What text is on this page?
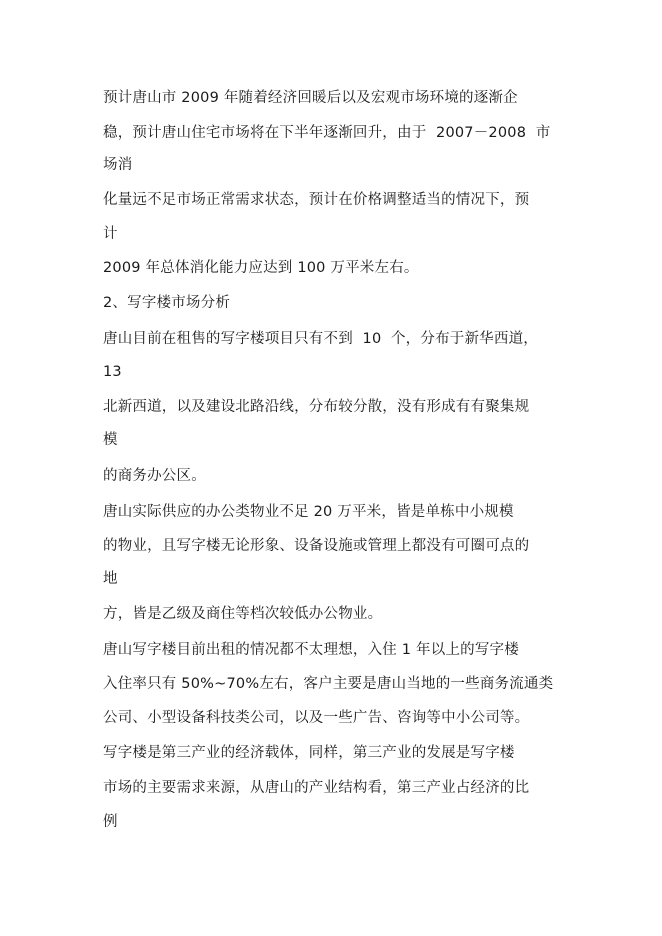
预计唐山市 2009 年随着经济回暖后以及宏观市场环境的逐渐企
稳，预计唐山住宅市场将在下半年逐渐回升，由于  2007－2008  市
场消
化量远不足市场正常需求状态，预计在价格调整适当的情况下，预
计
2009 年总体消化能力应达到 100 万平米左右。
2、写字楼市场分析
唐山目前在租售的写字楼项目只有不到  10  个，分布于新华西道，
13
北新西道，以及建设北路沿线，分布较分散，没有形成有有聚集规
模
的商务办公区。
唐山实际供应的办公类物业不足 20 万平米，皆是单栋中小规模
的物业，且写字楼无论形象、设备设施或管理上都没有可圈可点的
地
方，皆是乙级及商住等档次较低办公物业。
唐山写字楼目前出租的情况都不太理想，入住 1 年以上的写字楼
入住率只有 50%~70%左右，客户主要是唐山当地的一些商务流通类
公司、小型设备科技类公司，以及一些广告、咨询等中小公司等。
写字楼是第三产业的经济载体，同样，第三产业的发展是写字楼
市场的主要需求来源，从唐山的产业结构看，第三产业占经济的比
例
